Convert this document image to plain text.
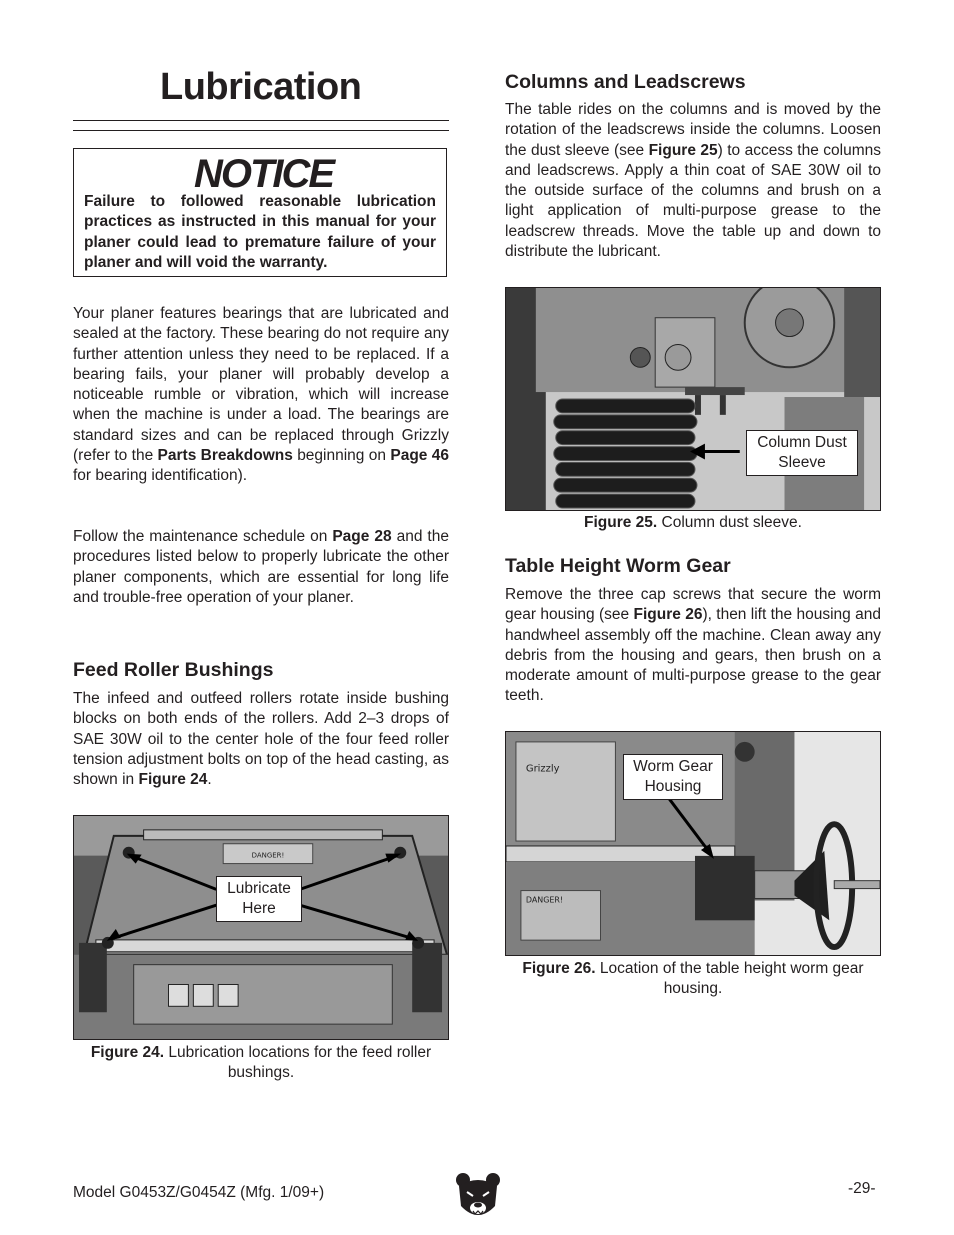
Lubrication
NOTICE
Failure to followed reasonable lubrication practices as instructed in this manual for your planer could lead to premature failure of your planer and will void the warranty.

Your planer features bearings that are lubricated and sealed at the factory. These bearing do not require any further attention unless they need to be replaced. If a bearing fails, your planer will probably develop a noticeable rumble or vibration, which will increase when the machine is under a load. The bearings are standard sizes and can be replaced through Grizzly (refer to the Parts Breakdowns beginning on Page 46 for bearing identification).

Follow the maintenance schedule on Page 28 and the procedures listed below to properly lubricate the other planer components, which are essential for long life and trouble-free operation of your planer.

Feed Roller Bushings

The infeed and outfeed rollers rotate inside bushing blocks on both ends of the rollers. Add 2–3 drops of SAE 30W oil to the center hole of the four feed roller tension adjustment bolts on top of the head casting, as shown in Figure 24.

DANGER!
Lubricate Here
Figure 24. Lubrication locations for the feed roller bushings.
Columns and Leadscrews

The table rides on the columns and is moved by the rotation of the leadscrews inside the columns. Loosen the dust sleeve (see Figure 25) to access the columns and leadscrews. Apply a thin coat of SAE 30W oil to the outside surface of the columns and brush on a light application of multi-purpose grease to the leadscrew threads. Move the table up and down to distribute the lubricant.

Column Dust Sleeve
Figure 25. Column dust sleeve.
Table Height Worm Gear

Remove the three cap screws that secure the worm gear housing (see Figure 26), then lift the housing and handwheel assembly off the machine. Clean away any debris from the housing and gears, then brush on a moderate amount of multi-purpose grease to the gear teeth.

Grizzly
DANGER!
Worm Gear Housing
Figure 26. Location of the table height worm gear housing.
Model G0453Z/G0454Z (Mfg. 1/09+)	-29-
